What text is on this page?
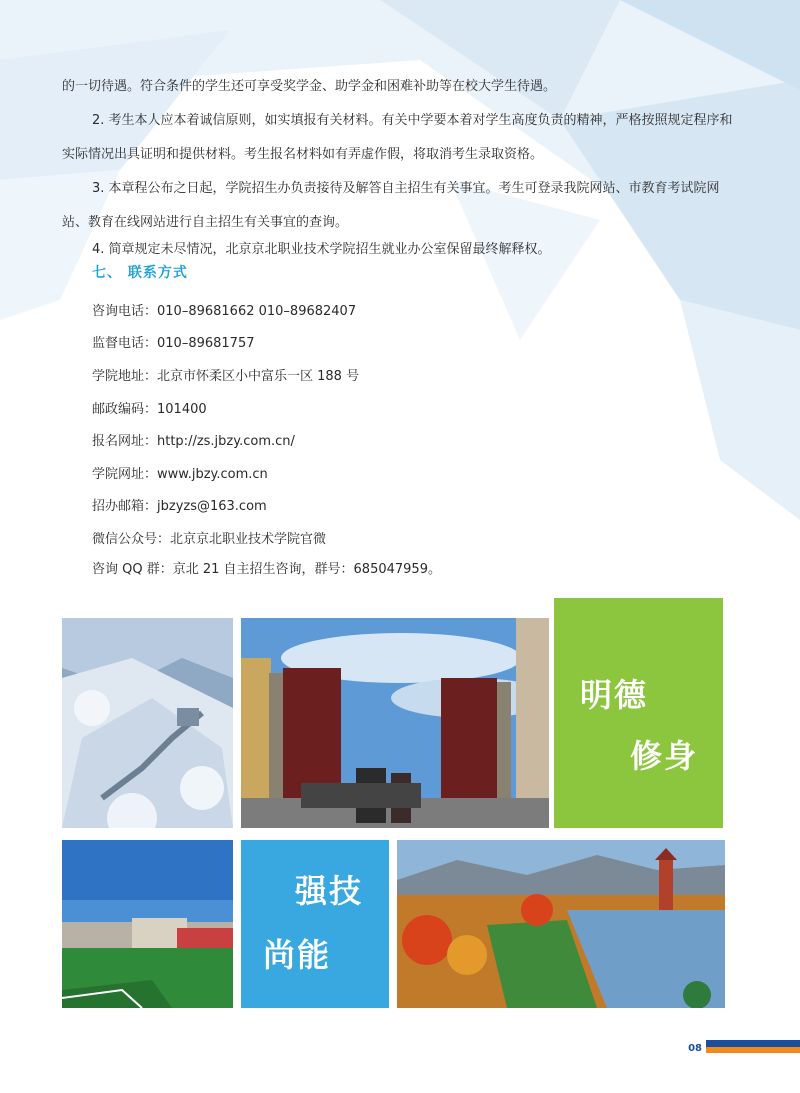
的一切待遇。符合条件的学生还可享受奖学金、助学金和困难补助等在校大学生待遇。
2. 考生本人应本着诚信原则，如实填报有关材料。有关中学要本着对学生高度负责的精神，严格按照规定程序和
实际情况出具证明和提供材料。考生报名材料如有弄虚作假，将取消考生录取资格。
3. 本章程公布之日起，学院招生办负责接待及解答自主招生有关事宜。考生可登录我院网站、市教育考试院网
站、教育在线网站进行自主招生有关事宜的查询。
4. 简章规定未尽情况，北京京北职业技术学院招生就业办公室保留最终解释权。
七、 联系方式
咨询电话：010–89681662 010–89682407
监督电话：010–89681757
学院地址：北京市怀柔区小中富乐一区 188 号
邮政编码：101400
报名网址：http://zs.jbzy.com.cn/
学院网址：www.jbzy.com.cn
招办邮箱：jbzyzs@163.com
微信公众号：北京京北职业技术学院官微
咨询 QQ 群：京北 21 自主招生咨询，群号：685047959。
明德
修身
强技
尚能
08
